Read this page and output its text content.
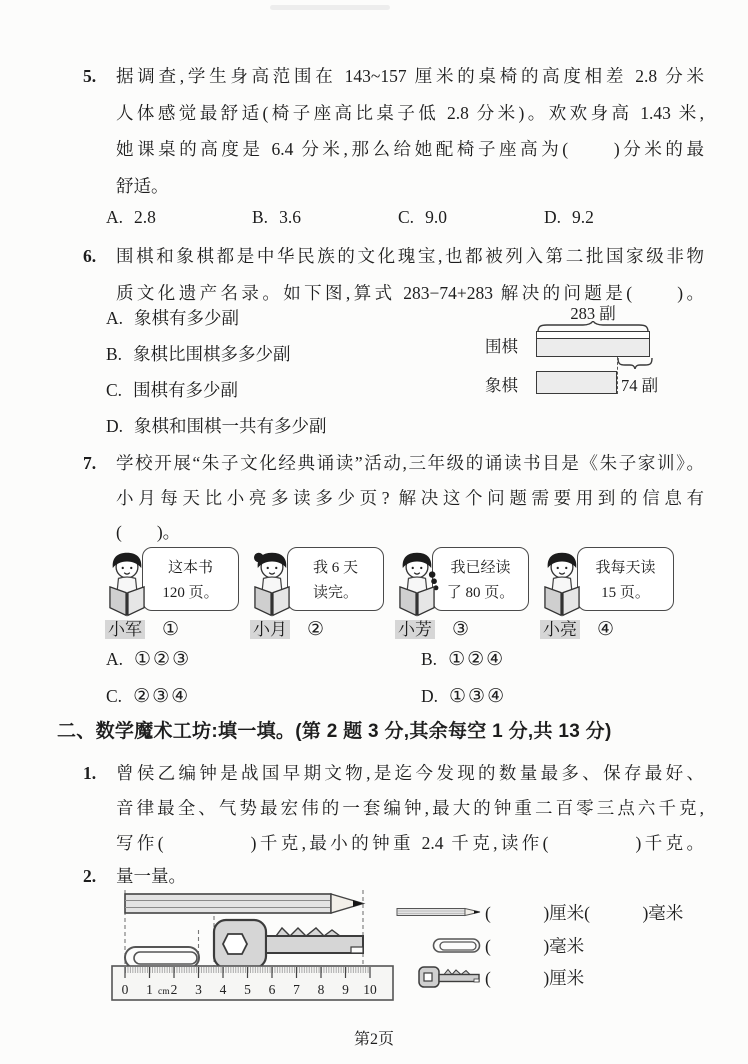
5. 据调查,学生身高范围在 143~157 厘米的桌椅的高度相差 2.8 分米
人体感觉最舒适(椅子座高比桌子低 2.8 分米)。欢欢身高 1.43 米,
她课桌的高度是 6.4 分米,那么给她配椅子座高为(　　)分米的最
舒适。
A. 2.8	B. 3.6	C. 9.0	D. 9.2
6. 围棋和象棋都是中华民族的文化瑰宝,也都被列入第二批国家级非物
质文化遗产名录。如下图,算式 283−74+283 解决的问题是(　　)。
A. 象棋有多少副
B. 象棋比围棋多多少副
C. 围棋有多少副
D. 象棋和围棋一共有多少副
283 副
围棋
象棋	74 副
7. 学校开展“朱子文化经典诵读”活动,三年级的诵读书目是《朱子家训》。
小月每天比小亮多读多少页? 解决这个问题需要用到的信息有
(　　)。
这本书
120 页。
小军 ①
我 6 天
读完。
小月 ②
我已经读
了 80 页。
小芳 ③
我每天读
15 页。
小亮 ④
A. ①②③	B. ①②④
C. ②③④	D. ①③④
二、数学魔术工坊:填一填。(第 2 题 3 分,其余每空 1 分,共 13 分)
1. 曾侯乙编钟是战国早期文物,是迄今发现的数量最多、保存最好、
音律最全、气势最宏伟的一套编钟,最大的钟重二百零三点六千克,
写作(　　　　)千克,最小的钟重 2.4 千克,读作(　　　　)千克。
2. 量一量。
0 1 cm 2 3 4 5 6 7 8 9 10
(　　　)厘米(　　　)毫米
(　　　)毫米
(　　　)厘米
第2页
